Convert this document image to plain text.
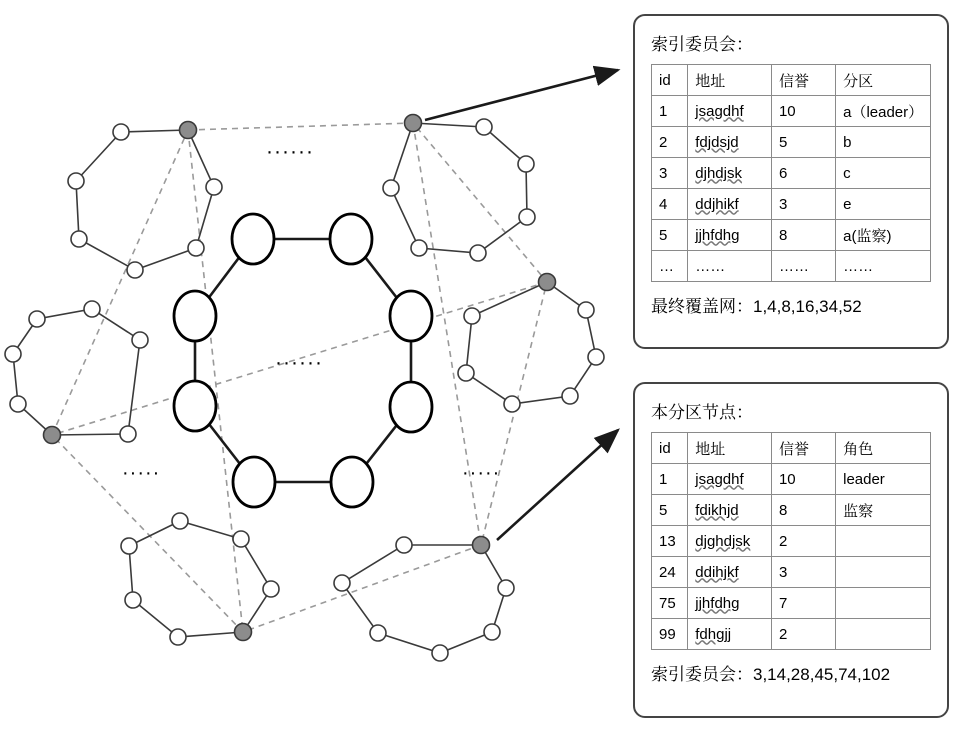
······
······
·····	·····
索引委员会：
id	地址	信誉	分区
1	jsagdhf	10	a（leader）
2	fdjdsjd	5	b
3	djhdjsk	6	c
4	ddjhikf	3	e
5	jjhfdhg	8	a(监察)
…	……	……	……
最终覆盖网：1,4,8,16,34,52
本分区节点：
id	地址	信誉	角色
1	jsagdhf	10	leader
5	fdikhjd	8	监察
13	djghdjsk	2	
24	ddihjkf	3	
75	jjhfdhg	7	
99	fdhgjj	2	
索引委员会：3,14,28,45,74,102
